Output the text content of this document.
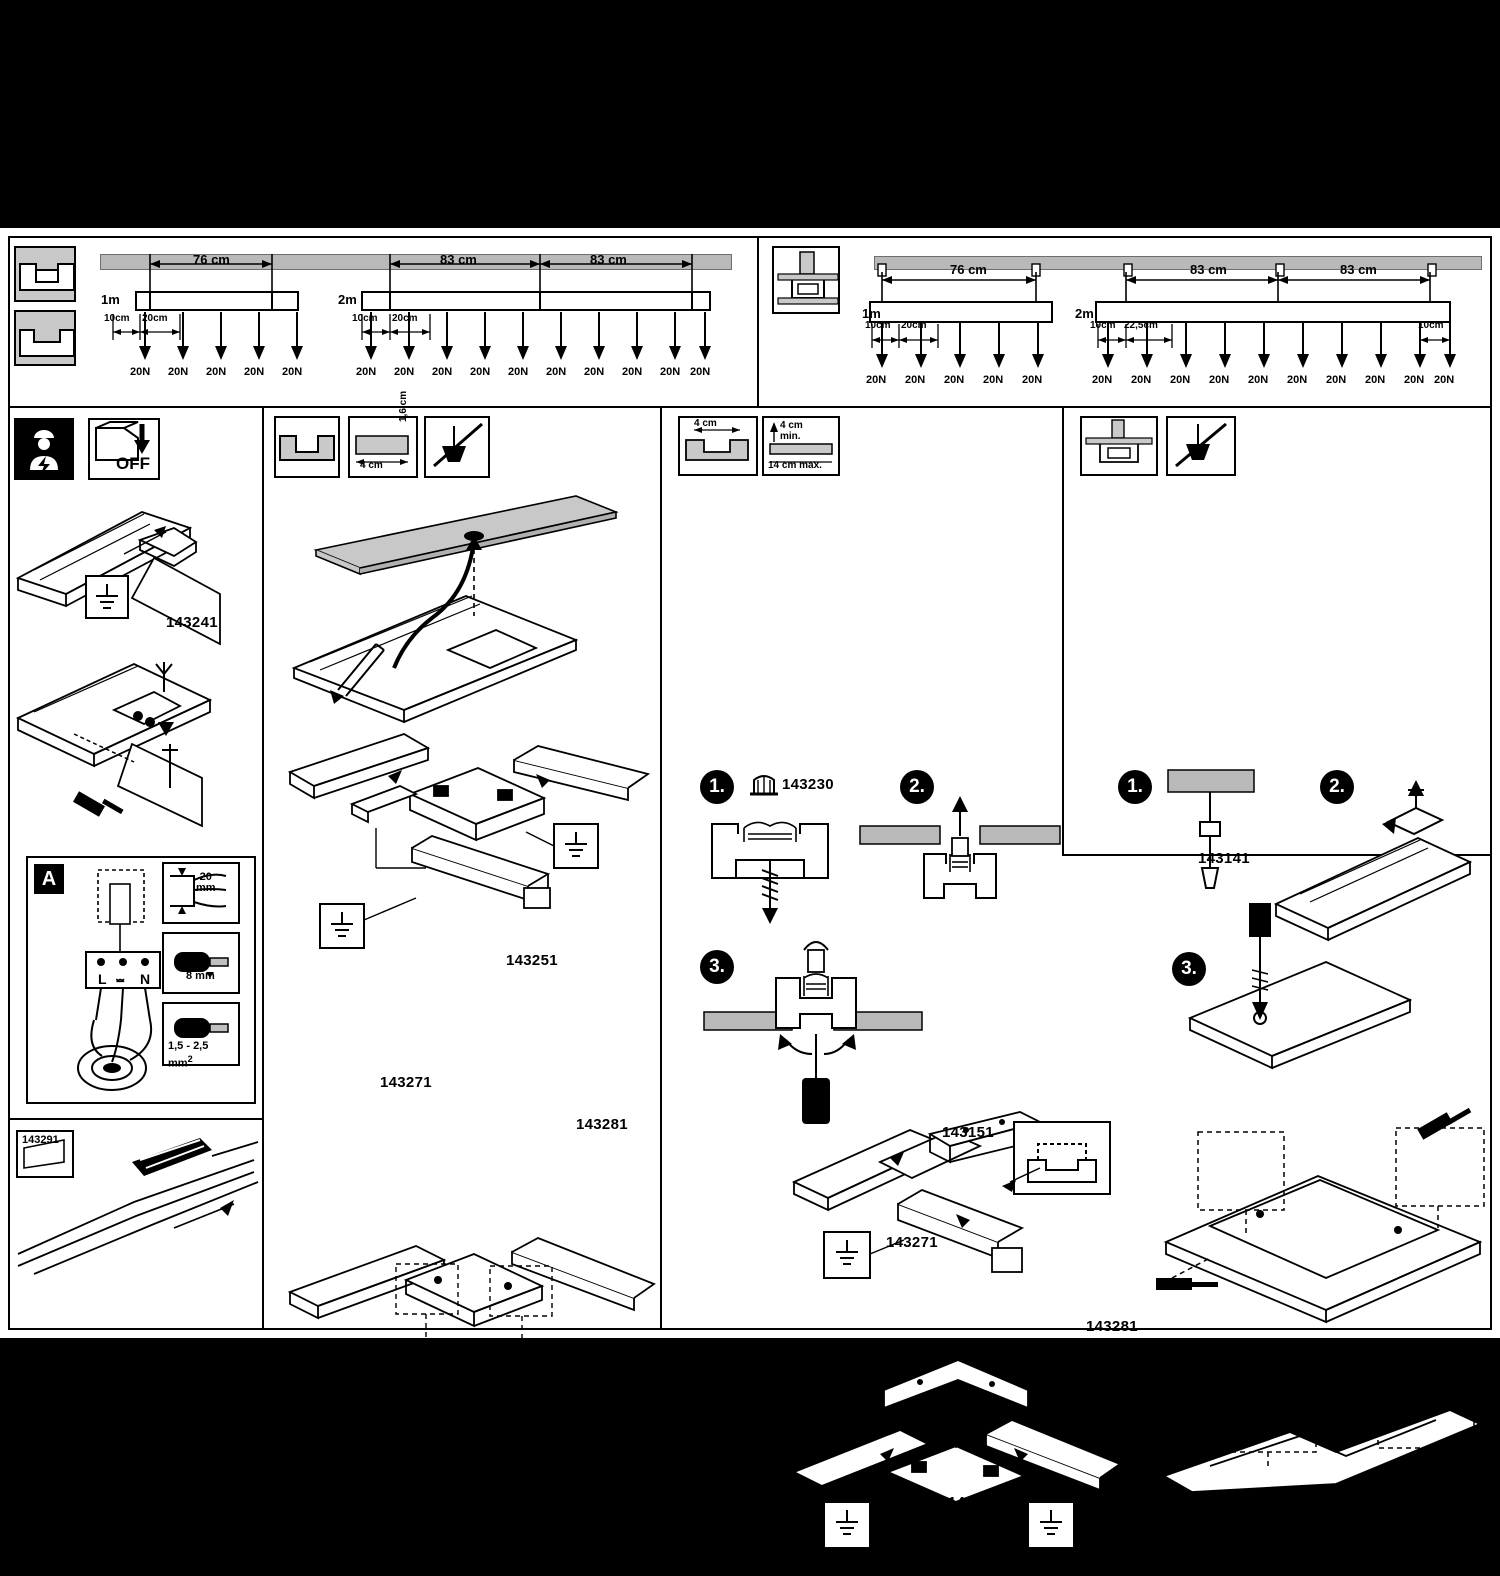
76 cm	83 cm	83 cm
1m	2m
10cm 20cm	10cm 20cm
20N 20N 20N 20N 20N	20N 20N 20N 20N 20N 20N 20N 20N 20N 20N
76 cm	83 cm	83 cm
1m	2m
10cm 20cm	10cm 22,5cm	10cm
20N 20N 20N 20N 20N	20N 20N 20N 20N 20N 20N 20N 20N 20N 20N
OFF
143241
A
L ⏕ N
20
mm
8 mm
1,5 - 2,5
$mm^2$
143291
4 cm
1,6 cm
143251
143271
143281
4 cm	4 cm
min.
14 cm max.
1.	143230	2.
3.
143151
143271
143281
143152
143251
1.
143141
2.
3.
